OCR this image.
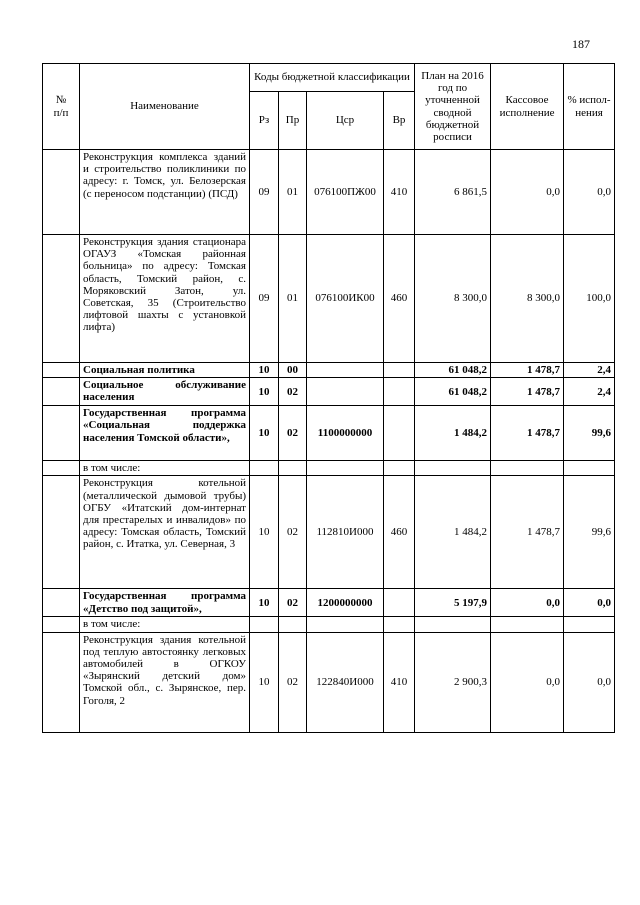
187
№
п/п	Наименование	Коды бюджетной классификации				План на 2016 год по уточненной сводной бюджетной росписи	Кассовое исполнение	% испол-нения
		Рз	Пр	Цср	Вр			
	Реконструкция комплекса зданий и строительство поликлиники по адресу: г. Томск, ул. Белозерская (с переносом подстанции) (ПСД)	09	01	076100ПЖ00	410	6 861,5	0,0	0,0
	Реконструкция здания стационара ОГАУЗ «Томская районная больница» по адресу: Томская область, Томский район, с. Моряковский Затон, ул. Советская, 35 (Строительство лифтовой шахты с установкой лифта)	09	01	076100ИК00	460	8 300,0	8 300,0	100,0
	Социальная политика	10	00			61 048,2	1 478,7	2,4
	Социальное обслуживание населения	10	02			61 048,2	1 478,7	2,4
	Государственная программа «Социальная поддержка населения Томской области»,	10	02	1100000000		1 484,2	1 478,7	99,6
	в том числе:							
	Реконструкция котельной (металлической дымовой трубы) ОГБУ «Итатский дом-интернат для престарелых и инвалидов» по адресу: Томская область, Томский район, с. Итатка, ул. Северная, 3	10	02	112810И000	460	1 484,2	1 478,7	99,6
	Государственная программа «Детство под защитой»,	10	02	1200000000		5 197,9	0,0	0,0
	в том числе:							
	Реконструкция здания котельной под теплую автостоянку легковых автомобилей в ОГКОУ «Зырянский детский дом» Томской обл., с. Зырянское, пер. Гоголя, 2	10	02	122840И000	410	2 900,3	0,0	0,0
